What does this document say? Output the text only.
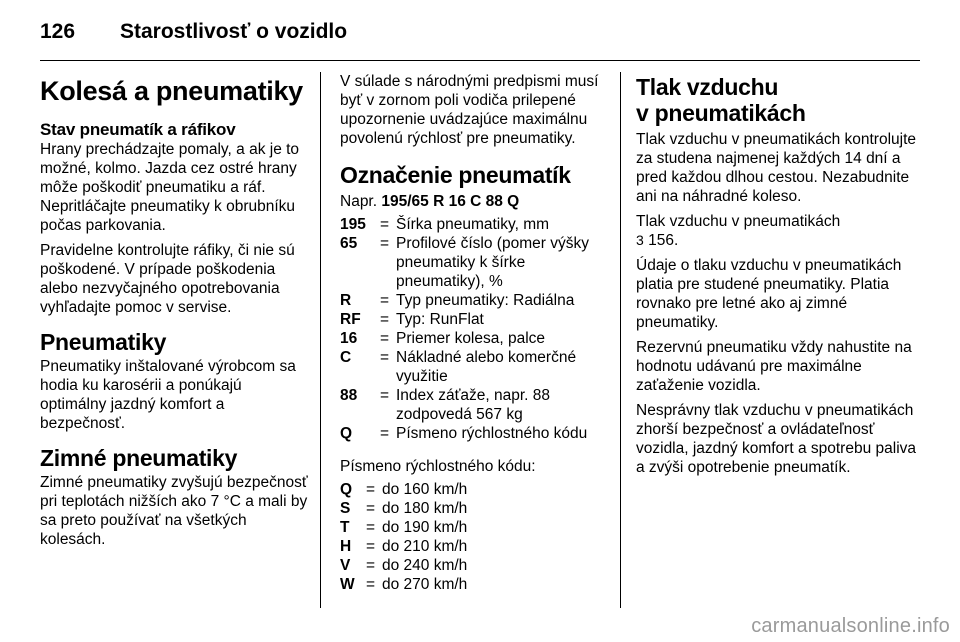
126 Starostlivosť o vozidlo
Kolesá a pneumatiky
Stav pneumatík a ráfikov

Hrany prechádzajte pomaly, a ak je to možné, kolmo. Jazda cez ostré hrany môže poškodiť pneumatiku a ráf. Nepritláčajte pneumatiky k obrubníku počas parkovania.

Pravidelne kontrolujte ráfiky, či nie sú poškodené. V prípade poškodenia alebo nezvyčajného opotrebovania vyhľadajte pomoc v servise.

Pneumatiky

Pneumatiky inštalované výrobcom sa hodia ku karosérii a ponúkajú optimálny jazdný komfort a bezpečnosť.

Zimné pneumatiky

Zimné pneumatiky zvyšujú bezpečnosť pri teplotách nižších ako 7 °C a mali by sa preto používať na všetkých kolesách.

V súlade s národnými predpismi musí byť v zornom poli vodiča prilepené upozornenie uvádzajúce maximálnu povolenú rýchlosť pre pneumatiky.

Označenie pneumatík
Napr. 195/65 R 16 C 88 Q
195	=	Šírka pneumatiky, mm
65	=	Profilové číslo (pomer výšky pneumatiky k šírke pneumatiky), %
R	=	Typ pneumatiky: Radiálna
RF	=	Typ: RunFlat
16	=	Priemer kolesa, palce
C	=	Nákladné alebo komerčné využitie
88	=	Index záťaže, napr. 88 zodpovedá 567 kg
Q	=	Písmeno rýchlostného kódu

Písmeno rýchlostného kódu:

Q	=	do 160 km/h
S	=	do 180 km/h
T	=	do 190 km/h
H	=	do 210 km/h
V	=	do 240 km/h
W	=	do 270 km/h
Tlak vzduchu
v pneumatikách

Tlak vzduchu v pneumatikách kontrolujte za studena najmenej každých 14 dní a pred každou dlhou cestou. Nezabudnite ani na náhradné koleso.

Tlak vzduchu v pneumatikách
3 156.

Údaje o tlaku vzduchu v pneumatikách platia pre studené pneumatiky. Platia rovnako pre letné ako aj zimné pneumatiky.

Rezervnú pneumatiku vždy nahustite na hodnotu udávanú pre maximálne zaťaženie vozidla.

Nesprávny tlak vzduchu v pneumatikách zhorší bezpečnosť a ovládateľnosť vozidla, jazdný komfort a spotrebu paliva a zvýši opotrebenie pneumatík.

carmanualsonline.info
